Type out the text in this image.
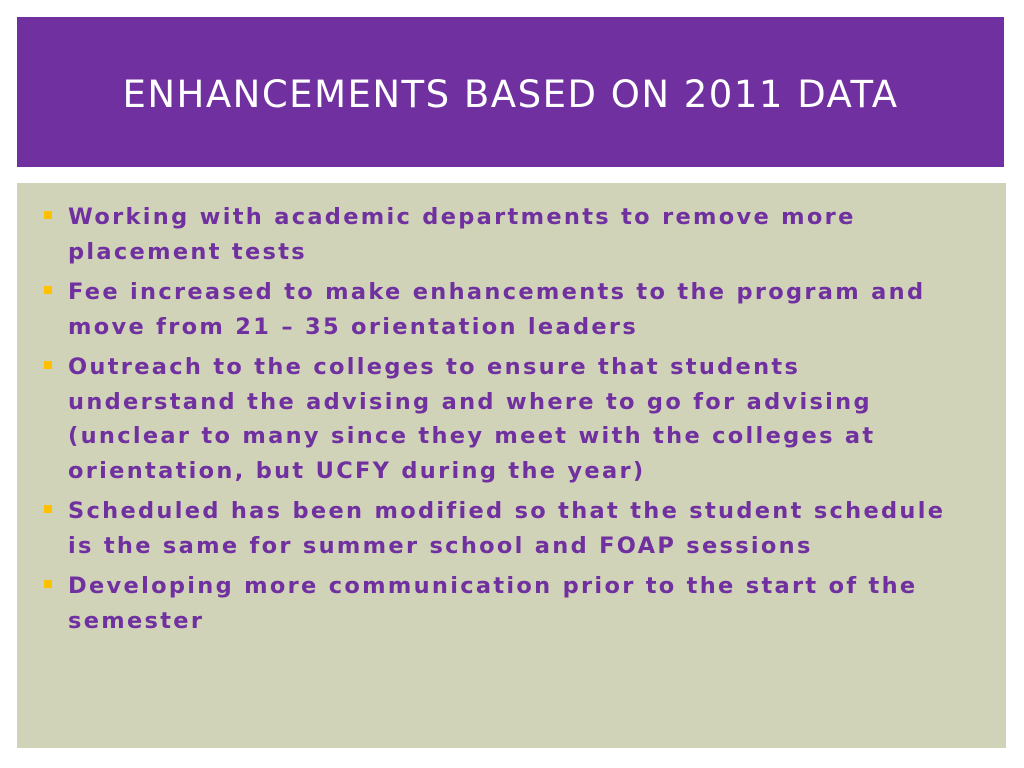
ENHANCEMENTS BASED ON 2011 DATA
Working with academic departments to remove more placement tests
Fee increased to make enhancements to the program and move from 21 – 35 orientation leaders
Outreach to the colleges to ensure that students understand the advising and where to go for advising (unclear to many since they meet with the colleges at orientation, but UCFY during the year)
Scheduled has been modified so that the student schedule is the same for summer school and FOAP sessions
Developing more communication prior to the start of the semester
